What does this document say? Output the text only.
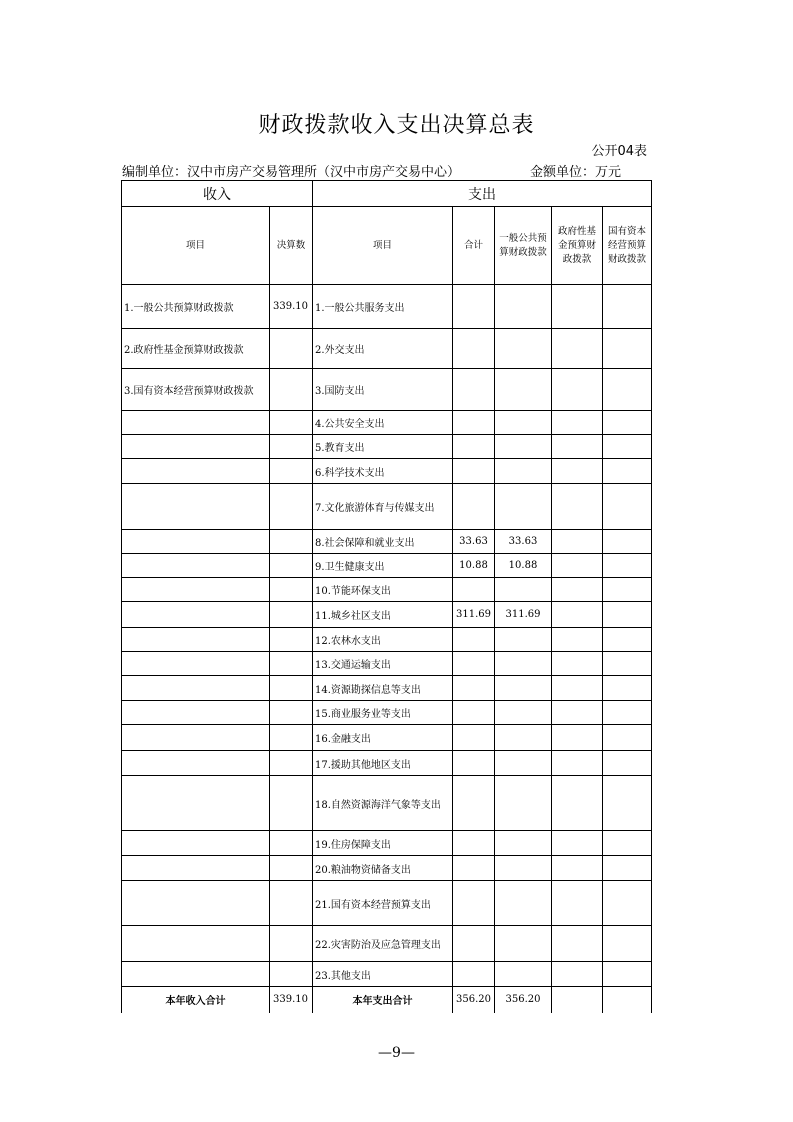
财政拨款收入支出决算总表
公开04表
编制单位：汉中市房产交易管理所（汉中市房产交易中心）	金额单位：万元
收入		支出				
项目	决算数	项目	合计	一般公共预算财政拨款	政府性基金预算财政拨款	国有资本经营预算财政拨款
1.一般公共预算财政拨款	339.10	1.一般公共服务支出				
2.政府性基金预算财政拨款		2.外交支出				
3.国有资本经营预算财政拨款		3.国防支出				
		4.公共安全支出				
		5.教育支出				
		6.科学技术支出				
		7.文化旅游体育与传媒支出				
		8.社会保障和就业支出	33.63	33.63		
		9.卫生健康支出	10.88	10.88		
		10.节能环保支出				
		11.城乡社区支出	311.69	311.69		
		12.农林水支出				
		13.交通运输支出				
		14.资源勘探信息等支出				
		15.商业服务业等支出				
		16.金融支出				
		17.援助其他地区支出				
		18.自然资源海洋气象等支出				
		19.住房保障支出				
		20.粮油物资储备支出				
		21.国有资本经营预算支出				
		22.灾害防治及应急管理支出				
		23.其他支出				
本年收入合计	339.10	本年支出合计	356.20	356.20		
—9—
